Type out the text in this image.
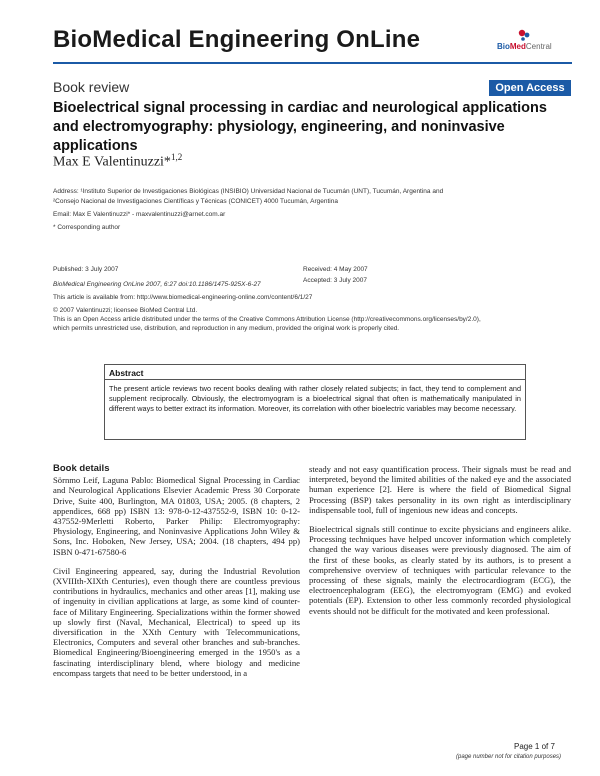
BioMedical Engineering OnLine	BioMedCentral
Book review	Open Access
Bioelectrical signal processing in cardiac and neurological applications and electromyography: physiology, engineering, and noninvasive applications
Max E Valentinuzzi*$^{1,2}$
Address: ¹Instituto Superior de Investigaciones Biológicas (INSIBIO) Universidad Nacional de Tucumán (UNT), Tucumán, Argentina and
²Consejo Nacional de Investigaciones Científicas y Técnicas (CONICET) 4000 Tucumán, Argentina
Email: Max E Valentinuzzi* - maxvalentinuzzi@arnet.com.ar
* Corresponding author
Published: 3 July 2007	Received: 4 May 2007
BioMedical Engineering OnLine 2007, 6:27 doi:10.1186/1475-925X-6-27
Accepted: 3 July 2007
This article is available from: http://www.biomedical-engineering-online.com/content/6/1/27
© 2007 Valentinuzzi; licensee BioMed Central Ltd.
This is an Open Access article distributed under the terms of the Creative Commons Attribution License (http://creativecommons.org/licenses/by/2.0),
which permits unrestricted use, distribution, and reproduction in any medium, provided the original work is properly cited.
Abstract
The present article reviews two recent books dealing with rather closely related subjects; in fact, they tend to complement and supplement reciprocally. Obviously, the electromyogram is a bioelectrical signal that often is mathematically manipulated in different ways to better extract its information. Moreover, its correlation with other bioelectric variables may become necessary.
Book details

Sörnmo Leif, Laguna Pablo: Biomedical Signal Processing in Cardiac and Neurological Applications Elsevier Academic Press 30 Corporate Drive, Suite 400, Burlington, MA 01803, USA; 2005. (8 chapters, 2 appendices, 668 pp) ISBN 13: 978-0-12-437552-9, ISBN 10: 0-12-437552-9Merletti Roberto, Parker Philip: Electromyography: Physiology, Engineering, and Noninvasive Applications John Wiley & Sons, Inc. Hoboken, New Jersey, USA; 2004. (18 chapters, 494 pp) ISBN 0-471-67580-6

Civil Engineering appeared, say, during the Industrial Revolution (XVIIIth-XIXth Centuries), even though there are countless previous contributions in hydraulics, mechanics and other areas [1], making use of ingenuity in civilian applications at large, as some kind of counter-face of Military Engineering. Specializations within the former showed up slowly first (Naval, Mechanical, Electrical) to speed up its diversification in the XXth Century with Telecommunications, Electronics, Computers and several other branches and sub-branches. Biomedical Engineering/Bioengineering emerged in the 1950's as a fascinating interdisciplinary blend, where biology and medicine encompass targets that need to be better understood, in a

steady and not easy quantification process. Their signals must be read and interpreted, beyond the limited abilities of the naked eye and the associated human experience [2]. Here is where the field of Biomedical Signal Processing (BSP) takes personality in its own right as interdisciplinary indispensable tool, full of ingenious new ideas and concepts.

Bioelectrical signals still continue to excite physicians and engineers alike. Processing techniques have helped uncover information which completely changed the way various diseases were previously diagnosed. The aim of the first of these books, as clearly stated by its authors, is to present a comprehensive overview of techniques with particular relevance to the processing of these signals, mainly the electrocardiogram (ECG), the electroencephalogram (EEG), the electromyogram (EMG) and evoked potentials (EP). Extension to other less commonly recorded physiological events should not be difficult for the motivated and keen professional.

Page 1 of 7
(page number not for citation purposes)
